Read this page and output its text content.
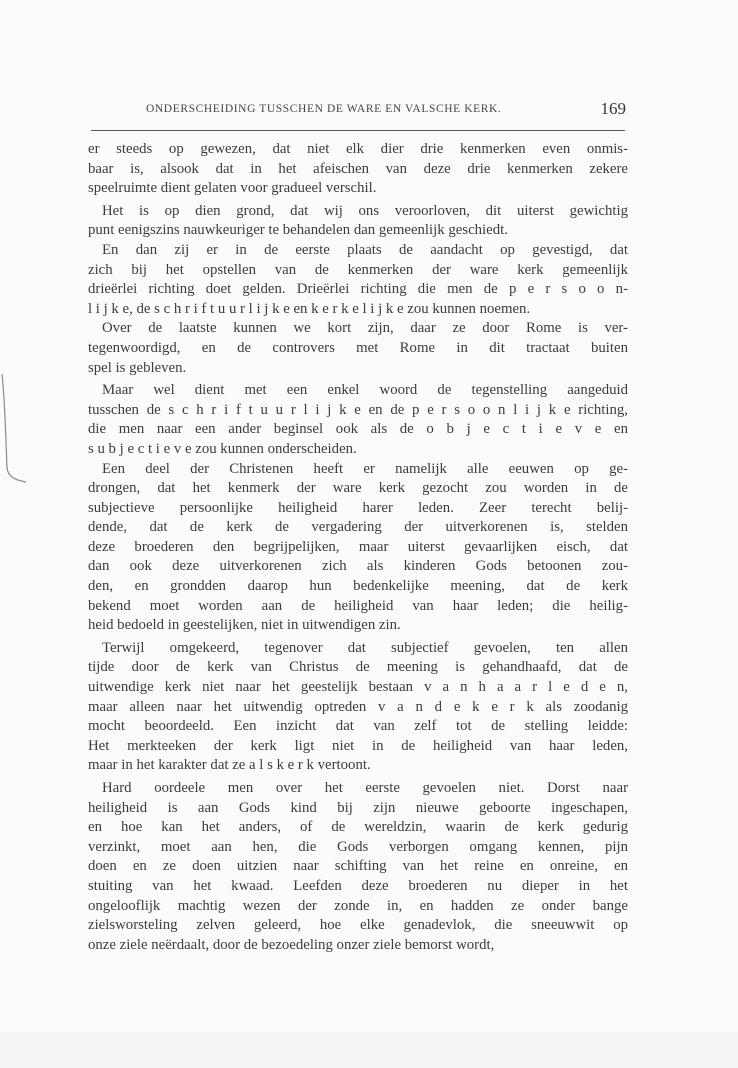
ONDERSCHEIDING TUSSCHEN DE WARE EN VALSCHE KERK.	169
er steeds op gewezen, dat niet elk dier drie kenmerken even onmis-
baar is, alsook dat in het afeischen van deze drie kenmerken zekere
speelruimte dient gelaten voor gradueel verschil.
Het is op dien grond, dat wij ons veroorloven, dit uiterst gewichtig
punt eenigszins nauwkeuriger te behandelen dan gemeenlijk geschiedt.
En dan zij er in de eerste plaats de aandacht op gevestigd, dat
zich bij het opstellen van de kenmerken der ware kerk gemeenlijk
drieërlei richting doet gelden. Drieërlei richting die men de p e r s o o n-
l i j k e, de s c h r i f t u u r l i j k e en k e r k e l i j k e zou kunnen noemen.
Over de laatste kunnen we kort zijn, daar ze door Rome is ver-
tegenwoordigd, en de controvers met Rome in dit tractaat buiten
spel is gebleven.
Maar wel dient met een enkel woord de tegenstelling aangeduid
tusschen de s c h r i f t u u r l i j k e en de p e r s o o n l i j k e richting,
die men naar een ander beginsel ook als de o b j e c t i e v e en
s u b j e c t i e v e zou kunnen onderscheiden.
Een deel der Christenen heeft er namelijk alle eeuwen op ge-
drongen, dat het kenmerk der ware kerk gezocht zou worden in de
subjectieve persoonlijke heiligheid harer leden. Zeer terecht belij-
dende, dat de kerk de vergadering der uitverkorenen is, stelden
deze broederen den begrijpelijken, maar uiterst gevaarlijken eisch, dat
dan ook deze uitverkorenen zich als kinderen Gods betoonen zou-
den, en grondden daarop hun bedenkelijke meening, dat de kerk
bekend moet worden aan de heiligheid van haar leden; die heilig-
heid bedoeld in geestelijken, niet in uitwendigen zin.
Terwijl omgekeerd, tegenover dat subjectief gevoelen, ten allen
tijde door de kerk van Christus de meening is gehandhaafd, dat de
uitwendige kerk niet naar het geestelijk bestaan v a n h a a r l e d e n,
maar alleen naar het uitwendig optreden v a n d e k e r k als zoodanig
mocht beoordeeld. Een inzicht dat van zelf tot de stelling leidde:
Het merkteeken der kerk ligt niet in de heiligheid van haar leden,
maar in het karakter dat ze a l s k e r k vertoont.
Hard oordeele men over het eerste gevoelen niet. Dorst naar
heiligheid is aan Gods kind bij zijn nieuwe geboorte ingeschapen,
en hoe kan het anders, of de wereldzin, waarin de kerk gedurig
verzinkt, moet aan hen, die Gods verborgen omgang kennen, pijn
doen en ze doen uitzien naar schifting van het reine en onreine, en
stuiting van het kwaad. Leefden deze broederen nu dieper in het
ongelooflijk machtig wezen der zonde in, en hadden ze onder bange
zielsworsteling zelven geleerd, hoe elke genadevlok, die sneeuwwit op
onze ziele neërdaalt, door de bezoedeling onzer ziele bemorst wordt,
